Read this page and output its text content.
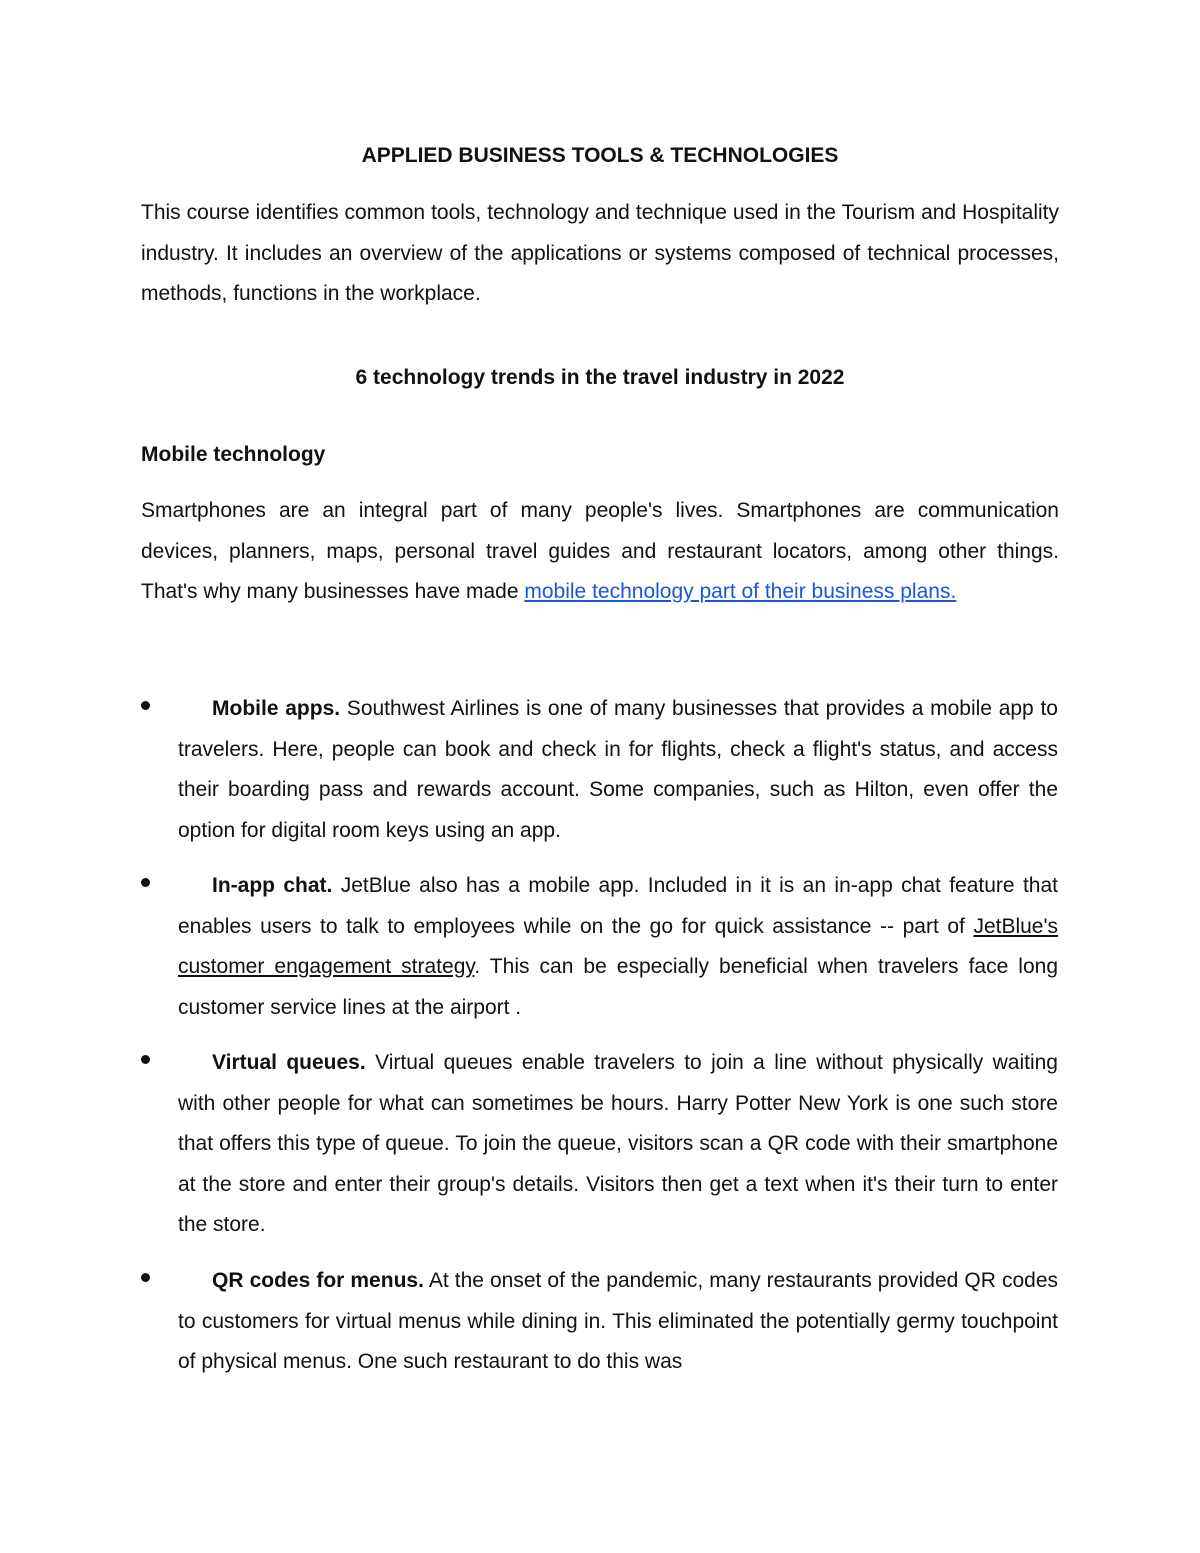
APPLIED BUSINESS TOOLS & TECHNOLOGIES

This course identifies common tools, technology and technique used in the Tourism and Hospitality industry. It includes an overview of the applications or systems composed of technical processes, methods, functions in the workplace.

6 technology trends in the travel industry in 2022
Mobile technology

Smartphones are an integral part of many people's lives. Smartphones are communication devices, planners, maps, personal travel guides and restaurant locators, among other things. That's why many businesses have made mobile technology part of their business plans.

Mobile apps. Southwest Airlines is one of many businesses that provides a mobile app to travelers. Here, people can book and check in for flights, check a flight's status, and access their boarding pass and rewards account. Some companies, such as Hilton, even offer the option for digital room keys using an app.

In-app chat. JetBlue also has a mobile app. Included in it is an in-app chat feature that enables users to talk to employees while on the go for quick assistance -- part of JetBlue's customer engagement strategy. This can be especially beneficial when travelers face long customer service lines at the airport .

Virtual queues. Virtual queues enable travelers to join a line without physically waiting with other people for what can sometimes be hours. Harry Potter New York is one such store that offers this type of queue. To join the queue, visitors scan a QR code with their smartphone at the store and enter their group's details. Visitors then get a text when it's their turn to enter the store.

QR codes for menus. At the onset of the pandemic, many restaurants provided QR codes to customers for virtual menus while dining in. This eliminated the potentially germy touchpoint of physical menus. One such restaurant to do this was
